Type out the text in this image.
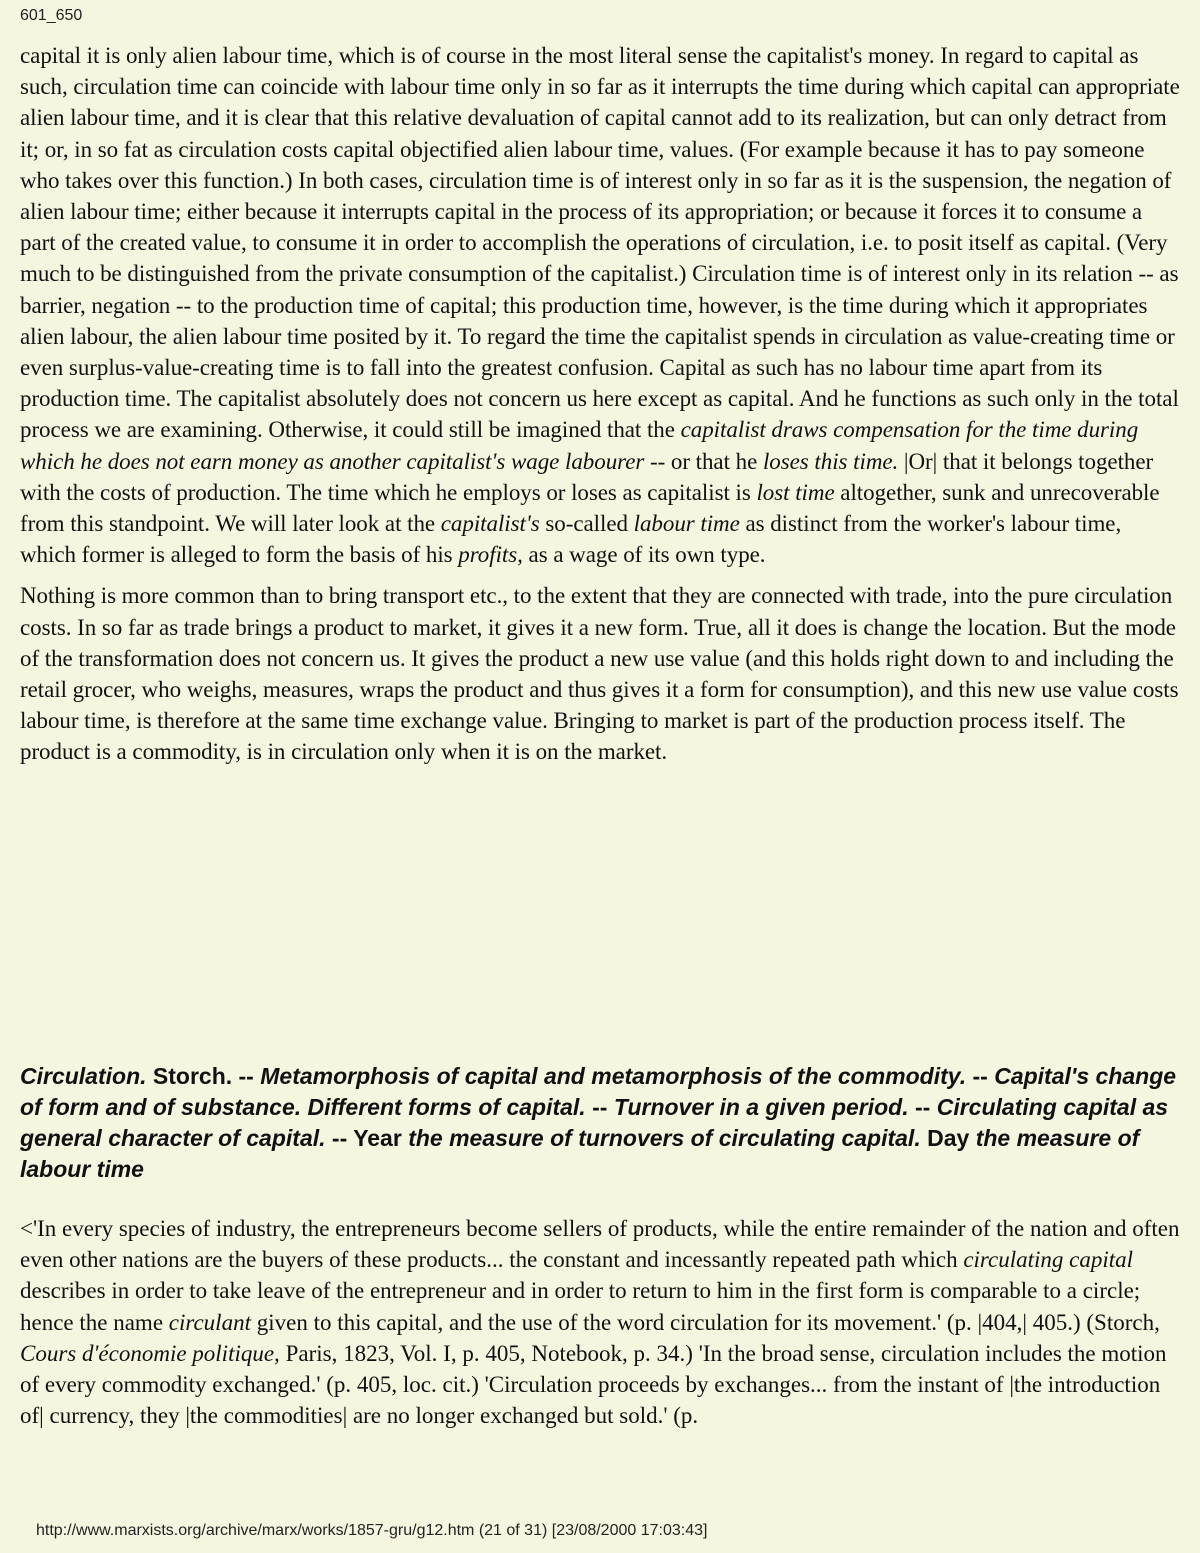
601_650

capital it is only alien labour time, which is of course in the most literal sense the capitalist's money. In regard to capital as such, circulation time can coincide with labour time only in so far as it interrupts the time during which capital can appropriate alien labour time, and it is clear that this relative devaluation of capital cannot add to its realization, but can only detract from it; or, in so fat as circulation costs capital objectified alien labour time, values. (For example because it has to pay someone who takes over this function.) In both cases, circulation time is of interest only in so far as it is the suspension, the negation of alien labour time; either because it interrupts capital in the process of its appropriation; or because it forces it to consume a part of the created value, to consume it in order to accomplish the operations of circulation, i.e. to posit itself as capital. (Very much to be distinguished from the private consumption of the capitalist.) Circulation time is of interest only in its relation -- as barrier, negation -- to the production time of capital; this production time, however, is the time during which it appropriates alien labour, the alien labour time posited by it. To regard the time the capitalist spends in circulation as value-creating time or even surplus-value-creating time is to fall into the greatest confusion. Capital as such has no labour time apart from its production time. The capitalist absolutely does not concern us here except as capital. And he functions as such only in the total process we are examining. Otherwise, it could still be imagined that the capitalist draws compensation for the time during which he does not earn money as another capitalist's wage labourer -- or that he loses this time. |Or| that it belongs together with the costs of production. The time which he employs or loses as capitalist is lost time altogether, sunk and unrecoverable from this standpoint. We will later look at the capitalist's so-called labour time as distinct from the worker's labour time, which former is alleged to form the basis of his profits, as a wage of its own type.

Nothing is more common than to bring transport etc., to the extent that they are connected with trade, into the pure circulation costs. In so far as trade brings a product to market, it gives it a new form. True, all it does is change the location. But the mode of the transformation does not concern us. It gives the product a new use value (and this holds right down to and including the retail grocer, who weighs, measures, wraps the product and thus gives it a form for consumption), and this new use value costs labour time, is therefore at the same time exchange value. Bringing to market is part of the production process itself. The product is a commodity, is in circulation only when it is on the market.

Circulation. Storch. -- Metamorphosis of capital and metamorphosis of the commodity. -- Capital's change of form and of substance. Different forms of capital. -- Turnover in a given period. -- Circulating capital as general character of capital. -- Year the measure of turnovers of circulating capital. Day the measure of labour time

<'In every species of industry, the entrepreneurs become sellers of products, while the entire remainder of the nation and often even other nations are the buyers of these products... the constant and incessantly repeated path which circulating capital describes in order to take leave of the entrepreneur and in order to return to him in the first form is comparable to a circle; hence the name circulant given to this capital, and the use of the word circulation for its movement.' (p. |404,| 405.) (Storch, Cours d'économie politique, Paris, 1823, Vol. I, p. 405, Notebook, p. 34.) 'In the broad sense, circulation includes the motion of every commodity exchanged.' (p. 405, loc. cit.) 'Circulation proceeds by exchanges... from the instant of |the introduction of| currency, they |the commodities| are no longer exchanged but sold.' (p.

http://www.marxists.org/archive/marx/works/1857-gru/g12.htm (21 of 31) [23/08/2000 17:03:43]
